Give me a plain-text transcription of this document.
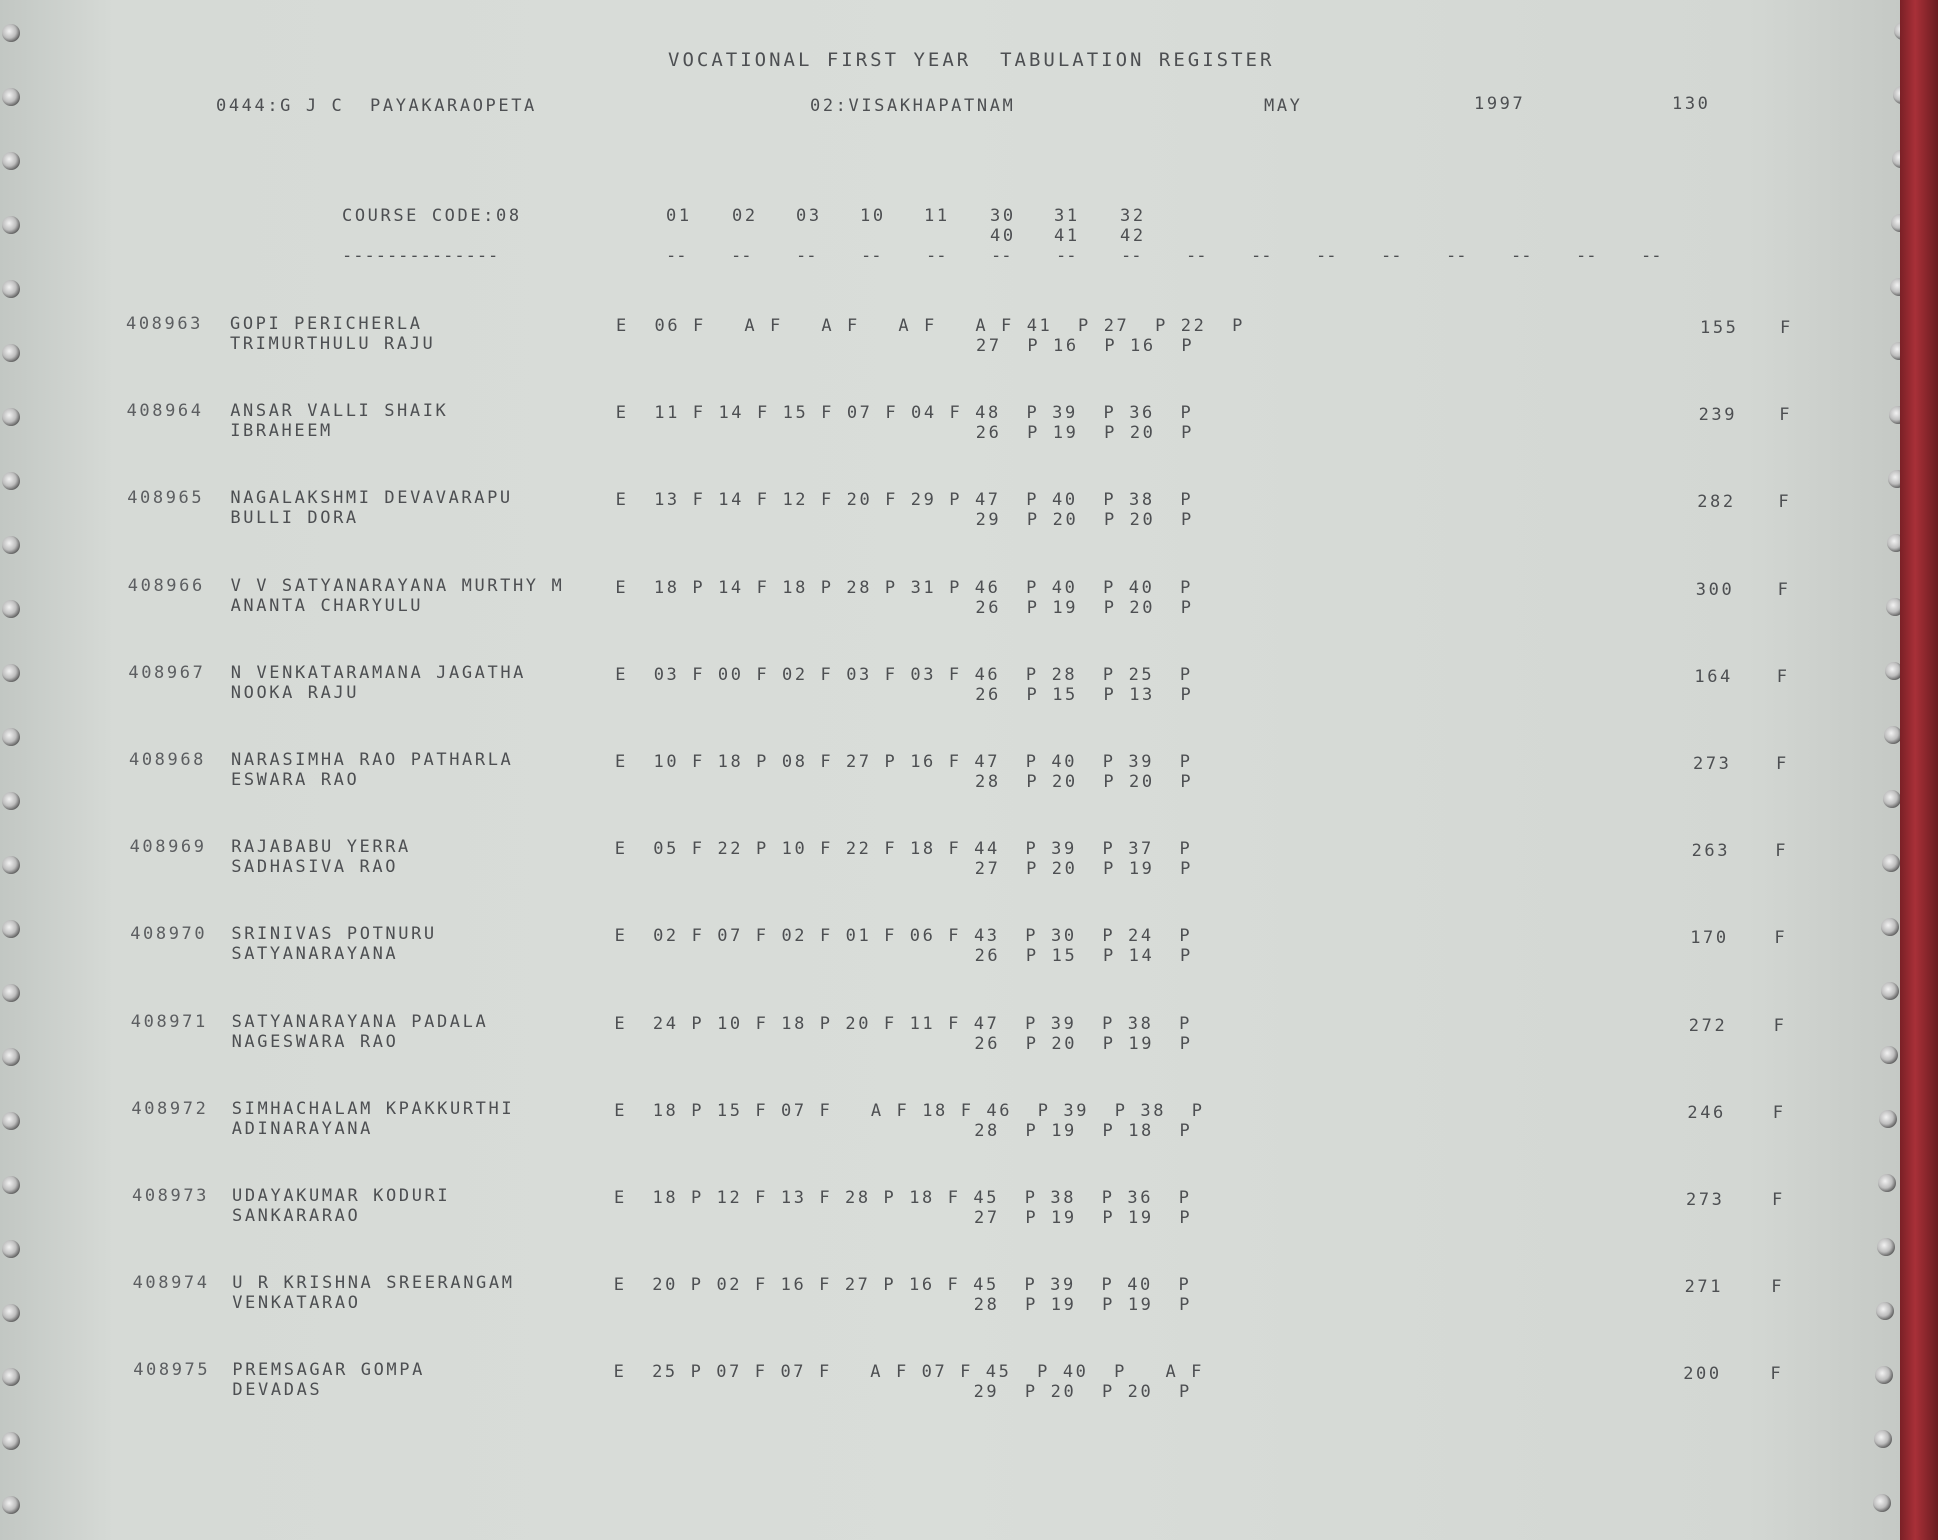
VOCATIONAL FIRST YEAR  TABULATION REGISTER
0444:G J C  PAYAKARAOPETA	02:VISAKHAPATNAM	MAY	1997	130
COURSE CODE:08
--------------
01 02 03 10 11 30 31 32
40 41 42
--	--	--	--	--	--	--	--	--	--	--	--	--	--	--	--
408963 GOPI PERICHERLA
TRIMURTHULU RAJU
E  06 F   A F   A F   A F   A F 41  P 27  P 22  P
27  P 16  P 16  P
155 F
408964 ANSAR VALLI SHAIK
IBRAHEEM
E  11 F 14 F 15 F 07 F 04 F 48  P 39  P 36  P
26  P 19  P 20  P
239 F
408965 NAGALAKSHMI DEVAVARAPU
BULLI DORA
E  13 F 14 F 12 F 20 F 29 P 47  P 40  P 38  P
29  P 20  P 20  P
282	F
408966 V V SATYANARAYANA MURTHY M
ANANTA CHARYULU
E  18 P 14 F 18 P 28 P 31 P 46  P 40  P 40  P
26  P 19  P 20  P
300	F
408967 N VENKATARAMANA JAGATHA
NOOKA RAJU
E  03 F 00 F 02 F 03 F 03 F 46  P 28  P 25  P
26  P 15  P 13  P
164	F
408968 NARASIMHA RAO PATHARLA
ESWARA RAO
E  10 F 18 P 08 F 27 P 16 F 47  P 40  P 39  P
28  P 20  P 20  P
273	F
408969 RAJABABU YERRA
SADHASIVA RAO
E  05 F 22 P 10 F 22 F 18 F 44  P 39  P 37  P
27  P 20  P 19  P
263	F
408970 SRINIVAS POTNURU
SATYANARAYANA
E  02 F 07 F 02 F 01 F 06 F 43  P 30  P 24  P
26  P 15  P 14  P
170	F
408971 SATYANARAYANA PADALA
NAGESWARA RAO
E  24 P 10 F 18 P 20 F 11 F 47  P 39  P 38  P
26  P 20  P 19  P
272	F
408972 SIMHACHALAM KPAKKURTHI
ADINARAYANA
E  18 P 15 F 07 F   A F 18 F 46  P 39  P 38  P
28  P 19  P 18  P
246	F
408973 UDAYAKUMAR KODURI
SANKARARAO
E  18 P 12 F 13 F 28 P 18 F 45  P 38  P 36  P
27  P 19  P 19  P
273	F
408974 U R KRISHNA SREERANGAM
VENKATARAO
E  20 P 02 F 16 F 27 P 16 F 45  P 39  P 40  P
28  P 19  P 19  P
271	F
408975 PREMSAGAR GOMPA
DEVADAS
E  25 P 07 F 07 F   A F 07 F 45  P 40  P   A F
29  P 20  P 20  P
200	F
